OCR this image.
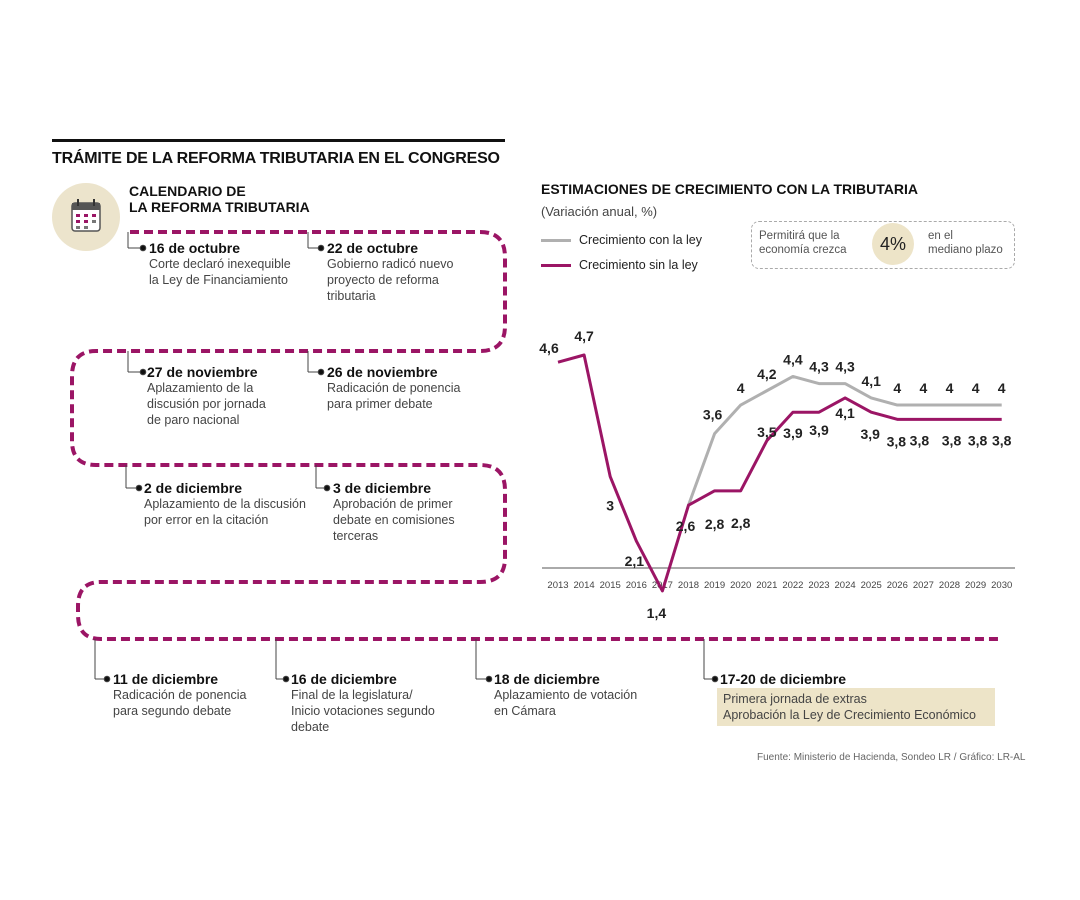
TRÁMITE DE LA REFORMA TRIBUTARIA EN EL CONGRESO
CALENDARIO DE
LA REFORMA TRIBUTARIA
16 de octubre
Corte declaró inexequible
la Ley de Financiamiento
22 de octubre
Gobierno radicó nuevo
proyecto de reforma
tributaria
27 de noviembre
Aplazamiento de la
discusión por jornada
de paro nacional
26 de noviembre
Radicación de ponencia
para primer debate
2 de diciembre
Aplazamiento de la discusión
por error en la citación
3 de diciembre
Aprobación de primer
debate en comisiones
terceras
11 de diciembre
Radicación de ponencia
para segundo debate
16 de diciembre
Final de la legislatura/
Inicio votaciones segundo
debate
18 de diciembre
Aplazamiento de votación
en Cámara
17-20 de diciembre
Primera jornada de extras
Aprobación la Ley de Crecimiento Económico
ESTIMACIONES DE CRECIMIENTO CON LA TRIBUTARIA
(Variación anual, %)
Crecimiento con la ley
Crecimiento sin la ley
Permitirá que la
economía crezca	4%	en el
mediano plazo
2013 2014 2015 2016 2017 2018 2019 2020 2021 2022 2023 2024 2025 2026 2027 2028 2029 2030
3,6
4
4,2
4,4 4,3 4,3
4,1 4 4 4 4 4
4,6
4,7
3
2,1
1,4
2,6 2,8 2,8
3,5 3,9 3,9
4,1
3,9 3,8 3,8 3,8 3,8 3,8
Fuente: Ministerio de Hacienda, Sondeo LR / Gráfico: LR-AL
